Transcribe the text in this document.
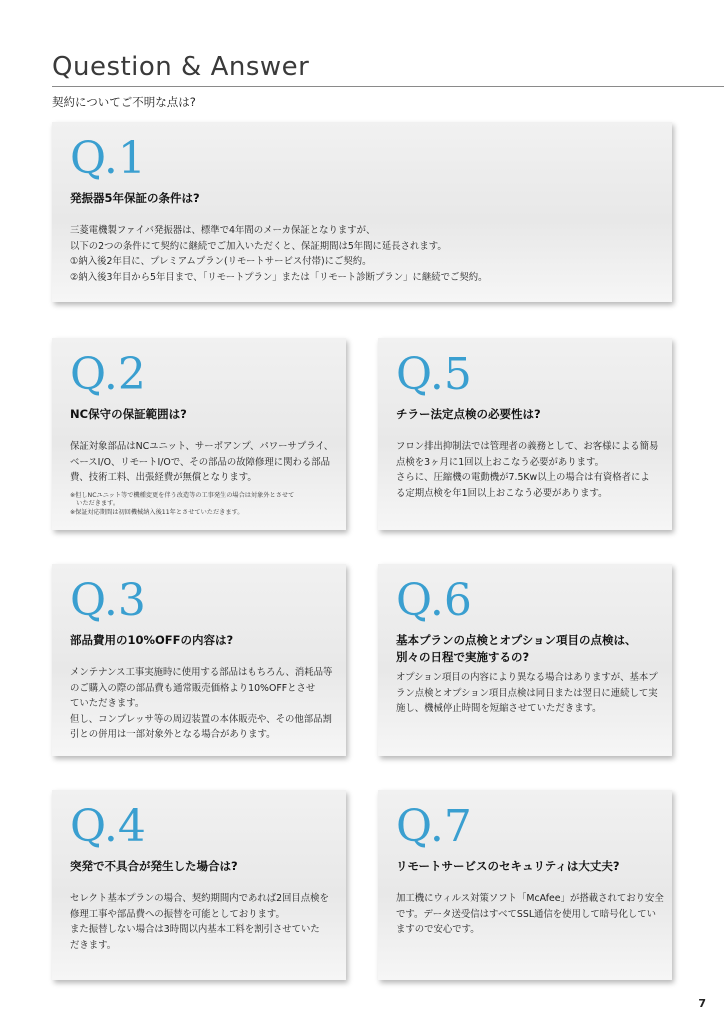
Question & Answer
契約についてご不明な点は?
Q.1
発振器5年保証の条件は?
三菱電機製ファイバ発振器は、標準で4年間のメーカ保証となりますが、
以下の2つの条件にて契約に継続でご加入いただくと、保証期間は5年間に延長されます。
①納入後2年目に、プレミアムプラン(リモートサービス付帯)にご契約。
②納入後3年目から5年目まで、「リモートプラン」または「リモート診断プラン」に継続でご契約。
Q.2
NC保守の保証範囲は?
保証対象部品はNCユニット、サーボアンプ、パワーサプライ、
ベースI/O、リモートI/Oで、その部品の故障修理に関わる部品
費、技術工料、出張経費が無償となります。
※但しNCユニット等で機種変更を伴う改造等の工事発生の場合は対象外とさせて
　いただきます。
※保証対応期間は初回機械納入後11年とさせていただきます。
Q.5
チラー法定点検の必要性は?
フロン排出抑制法では管理者の義務として、お客様による簡易
点検を3ヶ月に1回以上おこなう必要があります。
さらに、圧縮機の電動機が7.5Kw以上の場合は有資格者によ
る定期点検を年1回以上おこなう必要があります。
Q.3
部品費用の10%OFFの内容は?
メンテナンス工事実施時に使用する部品はもちろん、消耗品等
のご購入の際の部品費も通常販売価格より10%OFFとさせ
ていただきます。
但し、コンプレッサ等の周辺装置の本体販売や、その他部品割
引との併用は一部対象外となる場合があります。
Q.6
基本プランの点検とオプション項目の点検は、
別々の日程で実施するの?
オプション項目の内容により異なる場合はありますが、基本プ
ラン点検とオプション項目点検は同日または翌日に連続して実
施し、機械停止時間を短縮させていただきます。
Q.4
突発で不具合が発生した場合は?
セレクト基本プランの場合、契約期間内であれば2回目点検を
修理工事や部品費への振替を可能としております。
また振替しない場合は3時間以内基本工料を割引させていた
だきます。
Q.7
リモートサービスのセキュリティは大丈夫?
加工機にウィルス対策ソフト「McAfee」が搭載されており安全
です。データ送受信はすべてSSL通信を使用して暗号化してい
ますので安心です。
7
